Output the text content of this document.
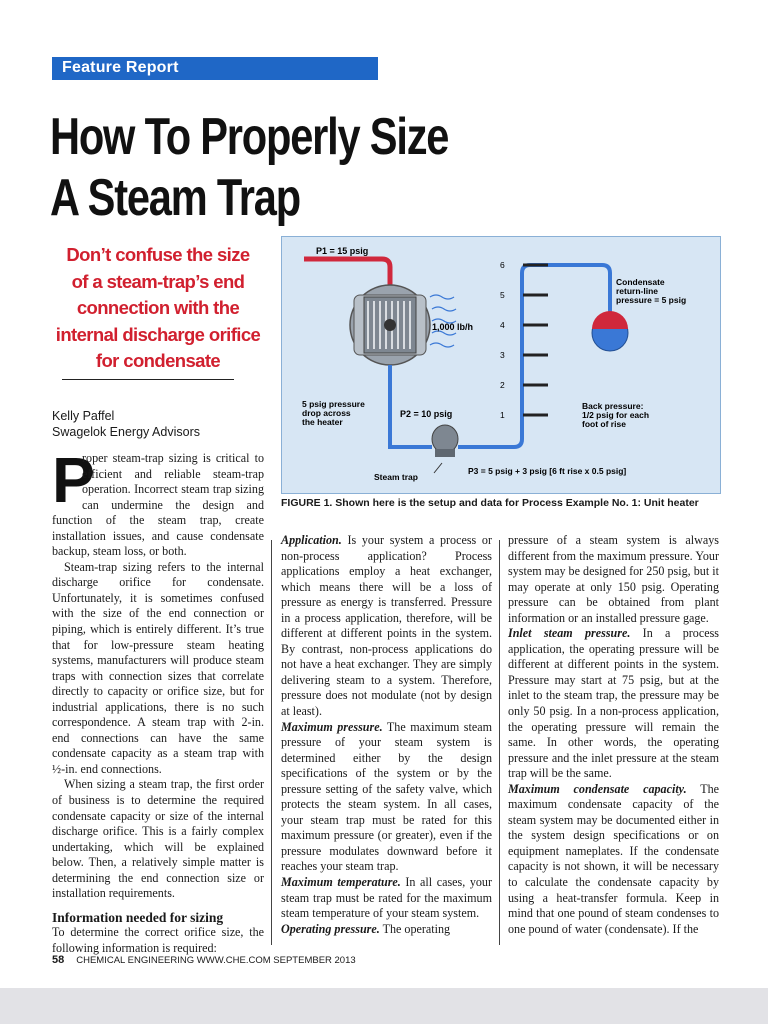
Feature Report
How To Properly Size
A Steam Trap
Don’t confuse the size
of a steam-trap’s end
connection with the
internal discharge orifice
for condensate
Kelly Paffel
Swagelok Energy Advisors
P

roper steam-trap sizing is critical to efficient and reliable steam-trap operation. Incorrect steam trap sizing can undermine the design and function of the steam trap, create installation issues, and cause condensate backup, steam loss, or both.

Steam-trap sizing refers to the internal discharge orifice for condensate. Unfortunately, it is sometimes confused with the size of the end connection or piping, which is entirely different. It’s true that for low-pressure steam heating systems, manufacturers will produce steam traps with connection sizes that correlate directly to capacity or orifice size, but for industrial applications, there is no such correspondence. A steam trap with 2-in. end connections can have the same condensate capacity as a steam trap with ½-in. end connections.

When sizing a steam trap, the first order of business is to determine the required condensate capacity or size of the internal discharge orifice. This is a fairly complex undertaking, which will be explained below. Then, a relatively simple matter is determining the end connection size or installation requirements.

Information needed for sizing

To determine the correct orifice size, the following information is required:

Application. Is your system a process or non-process application? Process applications employ a heat exchanger, which means there will be a loss of pressure as energy is transferred. Pressure in a process application, therefore, will be different at different points in the system. By contrast, non-process applications do not have a heat exchanger. They are simply delivering steam to a system. Therefore, pressure does not modulate (not by design at least).

Maximum pressure. The maximum steam pressure of your steam system is determined either by the design specifications of the system or by the pressure setting of the safety valve, which protects the steam system. In all cases, your steam trap must be rated for this maximum pressure (or greater), even if the pressure modulates downward before it reaches your steam trap.

Maximum temperature. In all cases, your steam trap must be rated for the maximum steam temperature of your steam system.

Operating pressure. The operating

pressure of a steam system is always different from the maximum pressure. Your system may be designed for 250 psig, but it may operate at only 150 psig. Operating pressure can be obtained from plant information or an installed pressure gage.

Inlet steam pressure. In a process application, the operating pressure will be different at different points in the system. Pressure may start at 75 psig, but at the inlet to the steam trap, the pressure may be only 50 psig. In a non-process application, the operating pressure will remain the same. In other words, the operating pressure and the inlet pressure at the steam trap will be the same.

Maximum condensate capacity. The maximum condensate capacity of the steam system may be documented either in the system design specifications or on equipment nameplates. If the condensate capacity is not shown, it will be necessary to calculate the condensate capacity by using a heat-transfer formula. Keep in mind that one pound of steam condenses to one pound of water (condensate). If the

6
5
4
3
2
1
P1 = 15 psig
1,000 lb/h
5 psig pressure
drop across
the heater
P2 = 10 psig
Steam trap
P3 = 5 psig + 3 psig [6 ft rise x 0.5 psig]
Condensate
return-line
pressure = 5 psig
Back pressure:
1/2 psig for each
foot of rise
FIGURE 1. Shown here is the setup and data for Process Example No. 1: Unit heater
58 CHEMICAL ENGINEERING WWW.CHE.COM SEPTEMBER 2013
